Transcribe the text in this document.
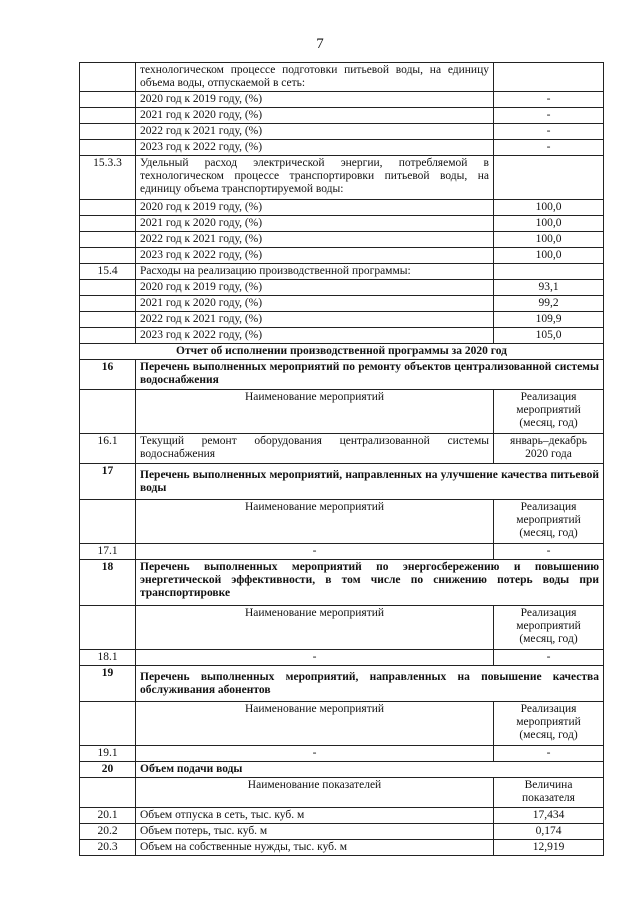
7
	технологическом процессе подготовки питьевой воды, на единицу объема воды, отпускаемой в сеть:	
	2020 год к 2019 году, (%)	-
	2021 год к 2020 году, (%)	-
	2022 год к 2021 году, (%)	-
	2023 год к 2022 году, (%)	-
15.3.3	Удельный расход электрической энергии, потребляемой в технологическом процессе транспортировки питьевой воды, на единицу объема транспортируемой воды:	
	2020 год к 2019 году, (%)	100,0
	2021 год к 2020 году, (%)	100,0
	2022 год к 2021 году, (%)	100,0
	2023 год к 2022 году, (%)	100,0
15.4	Расходы на реализацию производственной программы:	
	2020 год к 2019 году, (%)	93,1
	2021 год к 2020 году, (%)	99,2
	2022 год к 2021 году, (%)	109,9
	2023 год к 2022 году, (%)	105,0
Отчет об исполнении производственной программы за 2020 год		
16	Перечень выполненных мероприятий по ремонту объектов централизованной системы водоснабжения	
	Наименование мероприятий	Реализация мероприятий (месяц, год)
16.1	Текущий ремонт оборудования централизованной системы водоснабжения	январь–декабрь 2020 года
17	Перечень выполненных мероприятий, направленных на улучшение качества питьевой воды	
	Наименование мероприятий	Реализация мероприятий (месяц, год)
17.1	-	-
18	Перечень выполненных мероприятий по энергосбережению и повышению энергетической эффективности, в том числе по снижению потерь воды при транспортировке	
	Наименование мероприятий	Реализация мероприятий (месяц, год)
18.1	-	-
19	Перечень выполненных мероприятий, направленных на повышение качества обслуживания абонентов	
	Наименование мероприятий	Реализация мероприятий (месяц, год)
19.1	-	-
20	Объем подачи воды	
	Наименование показателей	Величина показателя
20.1	Объем отпуска в сеть, тыс. куб. м	17,434
20.2	Объем потерь, тыс. куб. м	0,174
20.3	Объем на собственные нужды, тыс. куб. м	12,919
